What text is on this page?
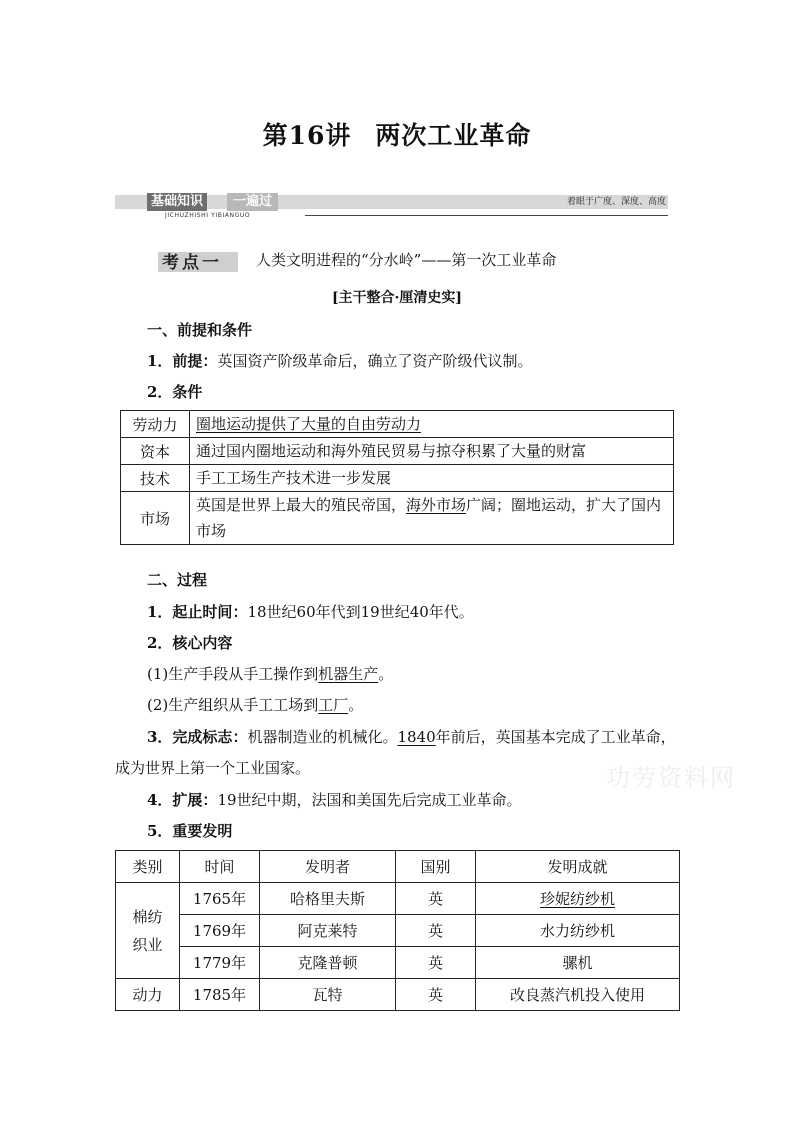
第16讲 两次工业革命
基础知识	一遍过
JICHUZHISHI YIBIANGUO
着眼于广度、深度、高度
考点一 人类文明进程的“分水岭”——第一次工业革命
[主干整合·厘清史实]
一、前提和条件
1．前提：英国资产阶级革命后，确立了资产阶级代议制。
2．条件
劳动力	圈地运动提供了大量的自由劳动力
资本	通过国内圈地运动和海外殖民贸易与掠夺积累了大量的财富
技术	手工工场生产技术进一步发展
市场	英国是世界上最大的殖民帝国，海外市场广阔；圈地运动，扩大了国内市场
二、过程
1．起止时间：18世纪60年代到19世纪40年代。
2．核心内容
(1)生产手段从手工操作到机器生产。
(2)生产组织从手工工场到工厂。
3．完成标志：机器制造业的机械化。1840年前后，英国基本完成了工业革命，
成为世界上第一个工业国家。
4．扩展：19世纪中期，法国和美国先后完成工业革命。
5．重要发明
功劳资料网
类别	时间	发明者	国别	发明成就
棉纺织业	1765年	哈格里夫斯	英	珍妮纺纱机
	1769年	阿克莱特	英	水力纺纱机
	1779年	克隆普顿	英	骡机
动力	1785年	瓦特	英	改良蒸汽机投入使用
